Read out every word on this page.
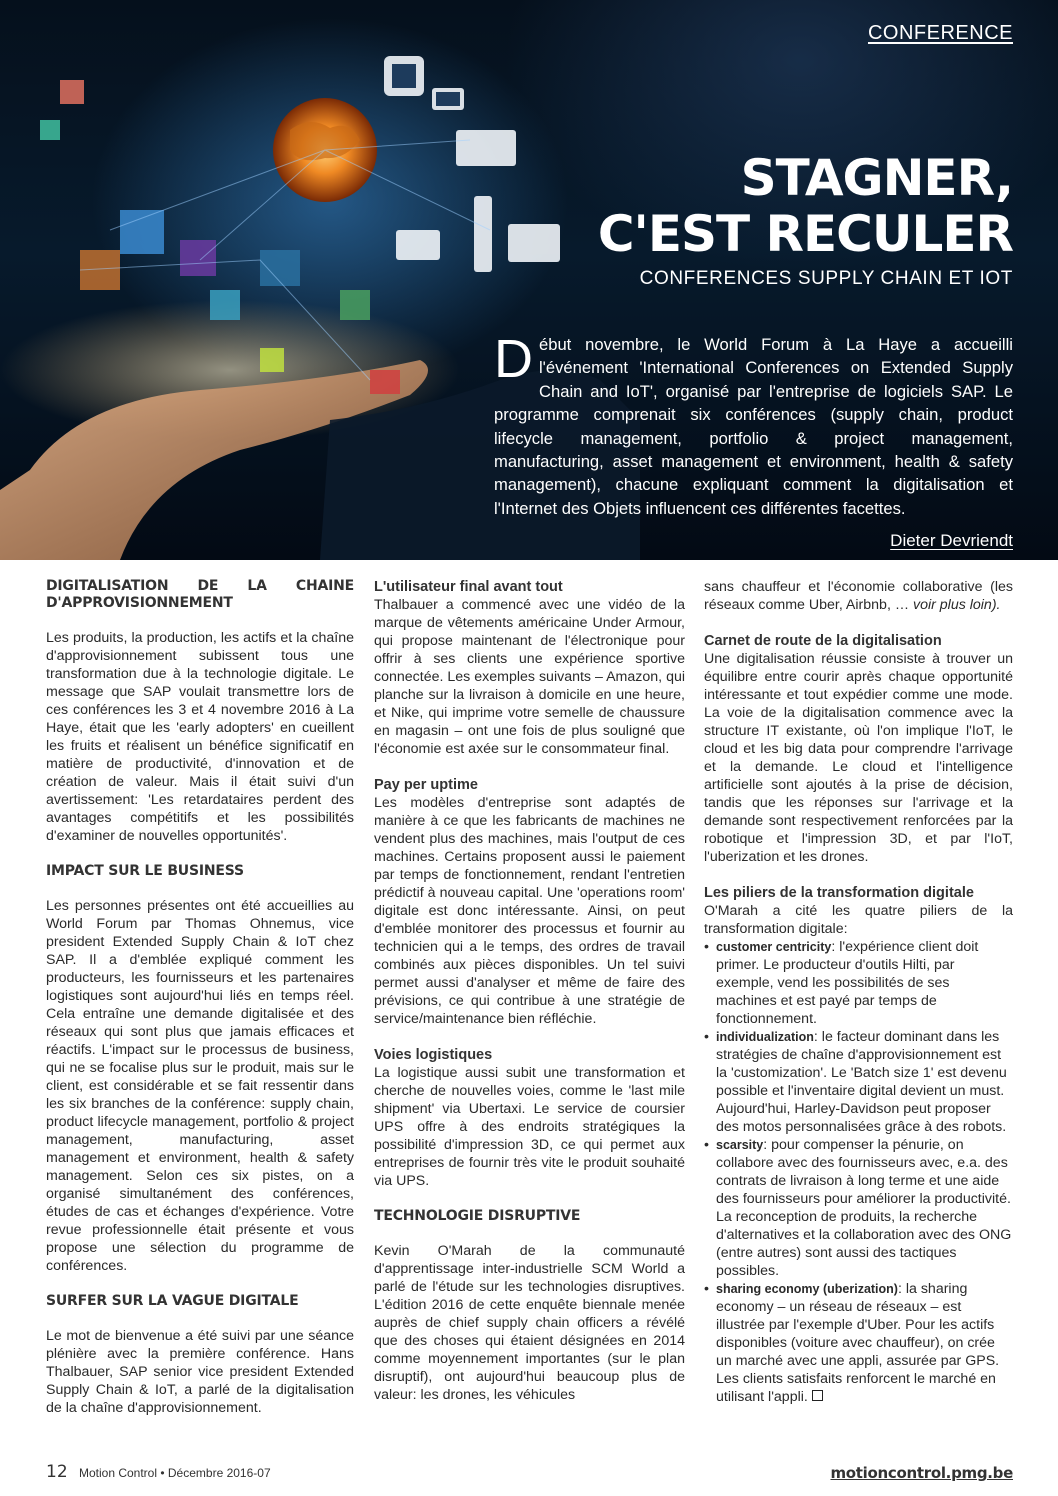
CONFERENCE
STAGNER,
C'EST RECULER
CONFERENCES SUPPLY CHAIN ET IOT
Début novembre, le World Forum à La Haye a accueilli l'événement 'International Conferences on Extended Supply Chain and IoT', organisé par l'entreprise de logiciels SAP. Le programme comprenait six conférences (supply chain, product lifecycle management, portfolio & project management, manufacturing, asset management et environment, health & safety management), chacune expliquant comment la digitalisation et l'Internet des Objets influencent ces différentes facettes.
Dieter Devriendt
DIGITALISATION DE LA CHAINE D'APPROVISIONNEMENT

Les produits, la production, les actifs et la chaîne d'approvisionnement subissent tous une transformation due à la technologie digitale. Le message que SAP voulait transmettre lors de ces conférences les 3 et 4 novembre 2016 à La Haye, était que les 'early adopters' en cueillent les fruits et réalisent un bénéfice significatif en matière de productivité, d'innovation et de création de valeur. Mais il était suivi d'un avertissement: 'Les retardataires perdent des avantages compétitifs et les possibilités d'examiner de nouvelles opportunités'.

IMPACT SUR LE BUSINESS

Les personnes présentes ont été accueillies au World Forum par Thomas Ohnemus, vice president Extended Supply Chain & IoT chez SAP. Il a d'emblée expliqué comment les producteurs, les fournisseurs et les partenaires logistiques sont aujourd'hui liés en temps réel. Cela entraîne une demande digitalisée et des réseaux qui sont plus que jamais efficaces et réactifs. L'impact sur le processus de business, qui ne se focalise plus sur le produit, mais sur le client, est considérable et se fait ressentir dans les six branches de la conférence: supply chain, product lifecycle management, portfolio & project management, manufacturing, asset management et environment, health & safety management. Selon ces six pistes, on a organisé simultanément des conférences, études de cas et échanges d'expérience. Votre revue professionnelle était présente et vous propose une sélection du programme de conférences.

SURFER SUR LA VAGUE DIGITALE

Le mot de bienvenue a été suivi par une séance plénière avec la première conférence. Hans Thalbauer, SAP senior vice president Extended Supply Chain & IoT, a parlé de la digitalisation de la chaîne d'approvisionnement.

L'utilisateur final avant tout

Thalbauer a commencé avec une vidéo de la marque de vêtements américaine Under Armour, qui propose maintenant de l'électronique pour offrir à ses clients une expérience sportive connectée. Les exemples suivants – Amazon, qui planche sur la livraison à domicile en une heure, et Nike, qui imprime votre semelle de chaussure en magasin – ont une fois de plus souligné que l'économie est axée sur le consommateur final.

Pay per uptime

Les modèles d'entreprise sont adaptés de manière à ce que les fabricants de machines ne vendent plus des machines, mais l'output de ces machines. Certains proposent aussi le paiement par temps de fonctionnement, rendant l'entretien prédictif à nouveau capital. Une 'operations room' digitale est donc intéressante. Ainsi, on peut d'emblée monitorer des processus et fournir au technicien qui a le temps, des ordres de travail combinés aux pièces disponibles. Un tel suivi permet aussi d'analyser et même de faire des prévisions, ce qui contribue à une stratégie de service/maintenance bien réfléchie.

Voies logistiques

La logistique aussi subit une transformation et cherche de nouvelles voies, comme le 'last mile shipment' via Ubertaxi. Le service de coursier UPS offre à des endroits stratégiques la possibilité d'impression 3D, ce qui permet aux entreprises de fournir très vite le produit souhaité via UPS.

TECHNOLOGIE DISRUPTIVE

Kevin O'Marah de la communauté d'apprentissage inter-industrielle SCM World a parlé de l'étude sur les technologies disruptives. L'édition 2016 de cette enquête biennale menée auprès de chief supply chain officers a révélé que des choses qui étaient désignées en 2014 comme moyennement importantes (sur le plan disruptif), ont aujourd'hui beaucoup plus de valeur: les drones, les véhicules

sans chauffeur et l'économie collaborative (les réseaux comme Uber, Airbnb, … voir plus loin).

Carnet de route de la digitalisation

Une digitalisation réussie consiste à trouver un équilibre entre courir après chaque opportunité intéressante et tout expédier comme une mode. La voie de la digitalisation commence avec la structure IT existante, où l'on implique l'IoT, le cloud et les big data pour comprendre l'arrivage et la demande. Le cloud et l'intelligence artificielle sont ajoutés à la prise de décision, tandis que les réponses sur l'arrivage et la demande sont respectivement renforcées par la robotique et l'impression 3D, et par l'IoT, l'uberization et les drones.

Les piliers de la transformation digitale

O'Marah a cité les quatre piliers de la transformation digitale:

• customer centricity: l'expérience client doit primer. Le producteur d'outils Hilti, par exemple, vend les possibilités de ses machines et est payé par temps de fonctionnement.
• individualization: le facteur dominant dans les stratégies de chaîne d'approvisionnement est la 'customization'. Le 'Batch size 1' est devenu possible et l'inventaire digital devient un must. Aujourd'hui, Harley-Davidson peut proposer des motos personnalisées grâce à des robots.
• scarsity: pour compenser la pénurie, on collabore avec des fournisseurs avec, e.a. des contrats de livraison à long terme et une aide des fournisseurs pour améliorer la productivité. La reconception de produits, la recherche d'alternatives et la collaboration avec des ONG (entre autres) sont aussi des tactiques possibles.
• sharing economy (uberization): la sharing economy – un réseau de réseaux – est illustrée par l'exemple d'Uber. Pour les actifs disponibles (voiture avec chauffeur), on crée un marché avec une appli, assurée par GPS. Les clients satisfaits renforcent le marché en utilisant l'appli.
12 Motion Control • Décembre 2016-07	motioncontrol.pmg.be
